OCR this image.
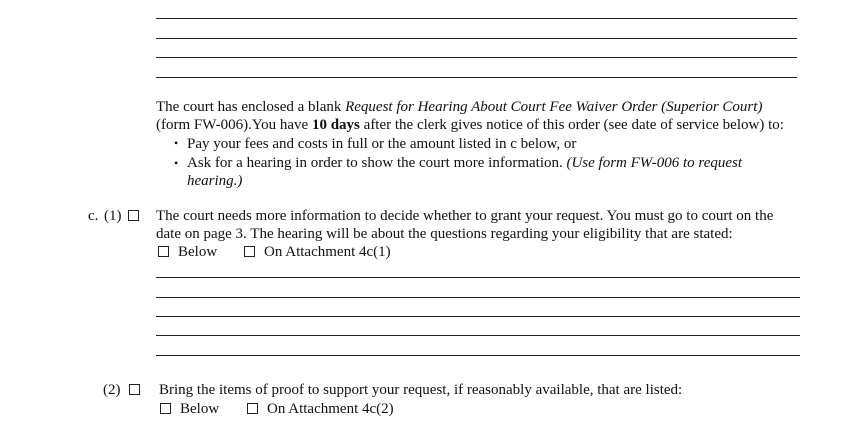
The court has enclosed a blank Request for Hearing About Court Fee Waiver Order (Superior Court)
(form FW-006).You have 10 days after the clerk gives notice of this order (see date of service below) to:
• Pay your fees and costs in full or the amount listed in c below, or
• Ask for a hearing in order to show the court more information. (Use form FW-006 to request
hearing.)
c. (1) The court needs more information to decide whether to grant your request. You must go to court on the
date on page 3. The hearing will be about the questions regarding your eligibility that are stated:
Below	On Attachment 4c(1)
(2)	Bring the items of proof to support your request, if reasonably available, that are listed:
Below	On Attachment 4c(2)
